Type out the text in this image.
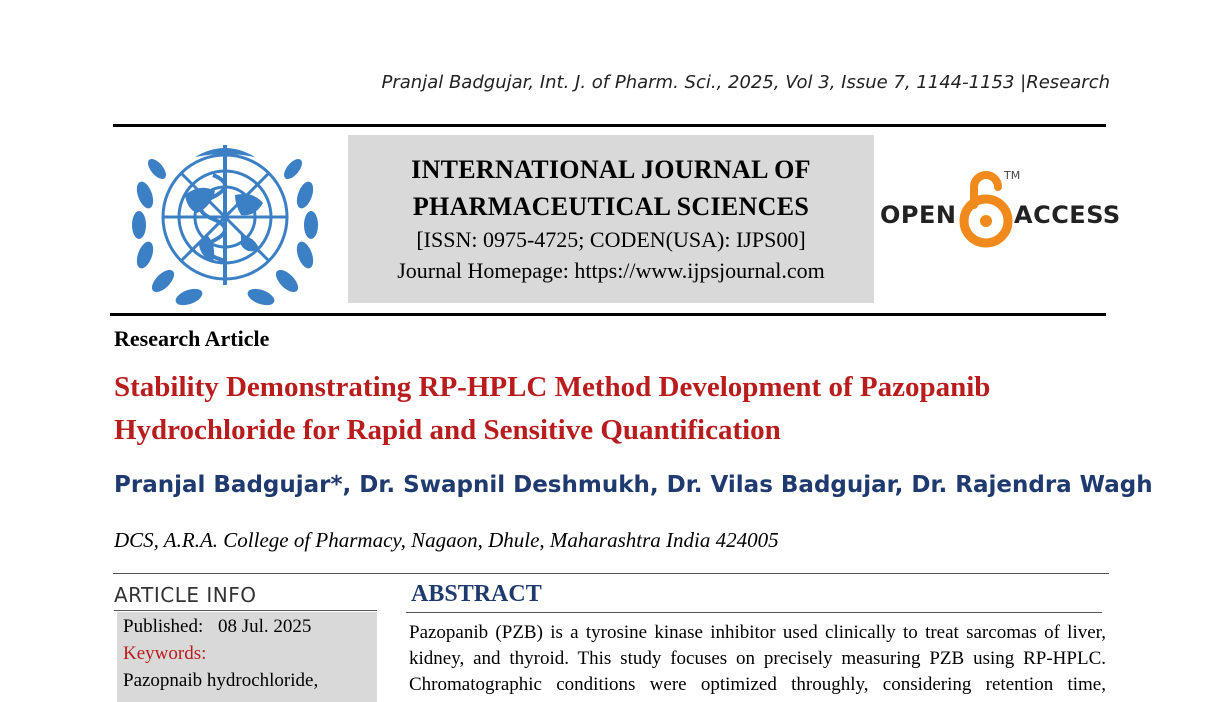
Pranjal Badgujar, Int. J. of Pharm. Sci., 2025, Vol 3, Issue 7, 1144-1153 |Research
INTERNATIONAL JOURNAL OF
PHARMACEUTICAL SCIENCES
[ISSN: 0975-4725; CODEN(USA): IJPS00]
Journal Homepage: https://www.ijpsjournal.com
OPEN
TM
ACCESS
Research Article
Stability Demonstrating RP-HPLC Method Development of Pazopanib
Hydrochloride for Rapid and Sensitive Quantification
Pranjal Badgujar*, Dr. Swapnil Deshmukh, Dr. Vilas Badgujar, Dr. Rajendra Wagh
DCS, A.R.A. College of Pharmacy, Nagaon, Dhule, Maharashtra India 424005
ARTICLE INFO
Published: 08 Jul. 2025
Keywords:
Pazopnaib hydrochloride,
ABSTRACT
Pazopanib (PZB) is a tyrosine kinase inhibitor used clinically to treat sarcomas of liver,
kidney, and thyroid. This study focuses on precisely measuring PZB using RP-HPLC.
Chromatographic conditions were optimized throughly, considering retention time,
